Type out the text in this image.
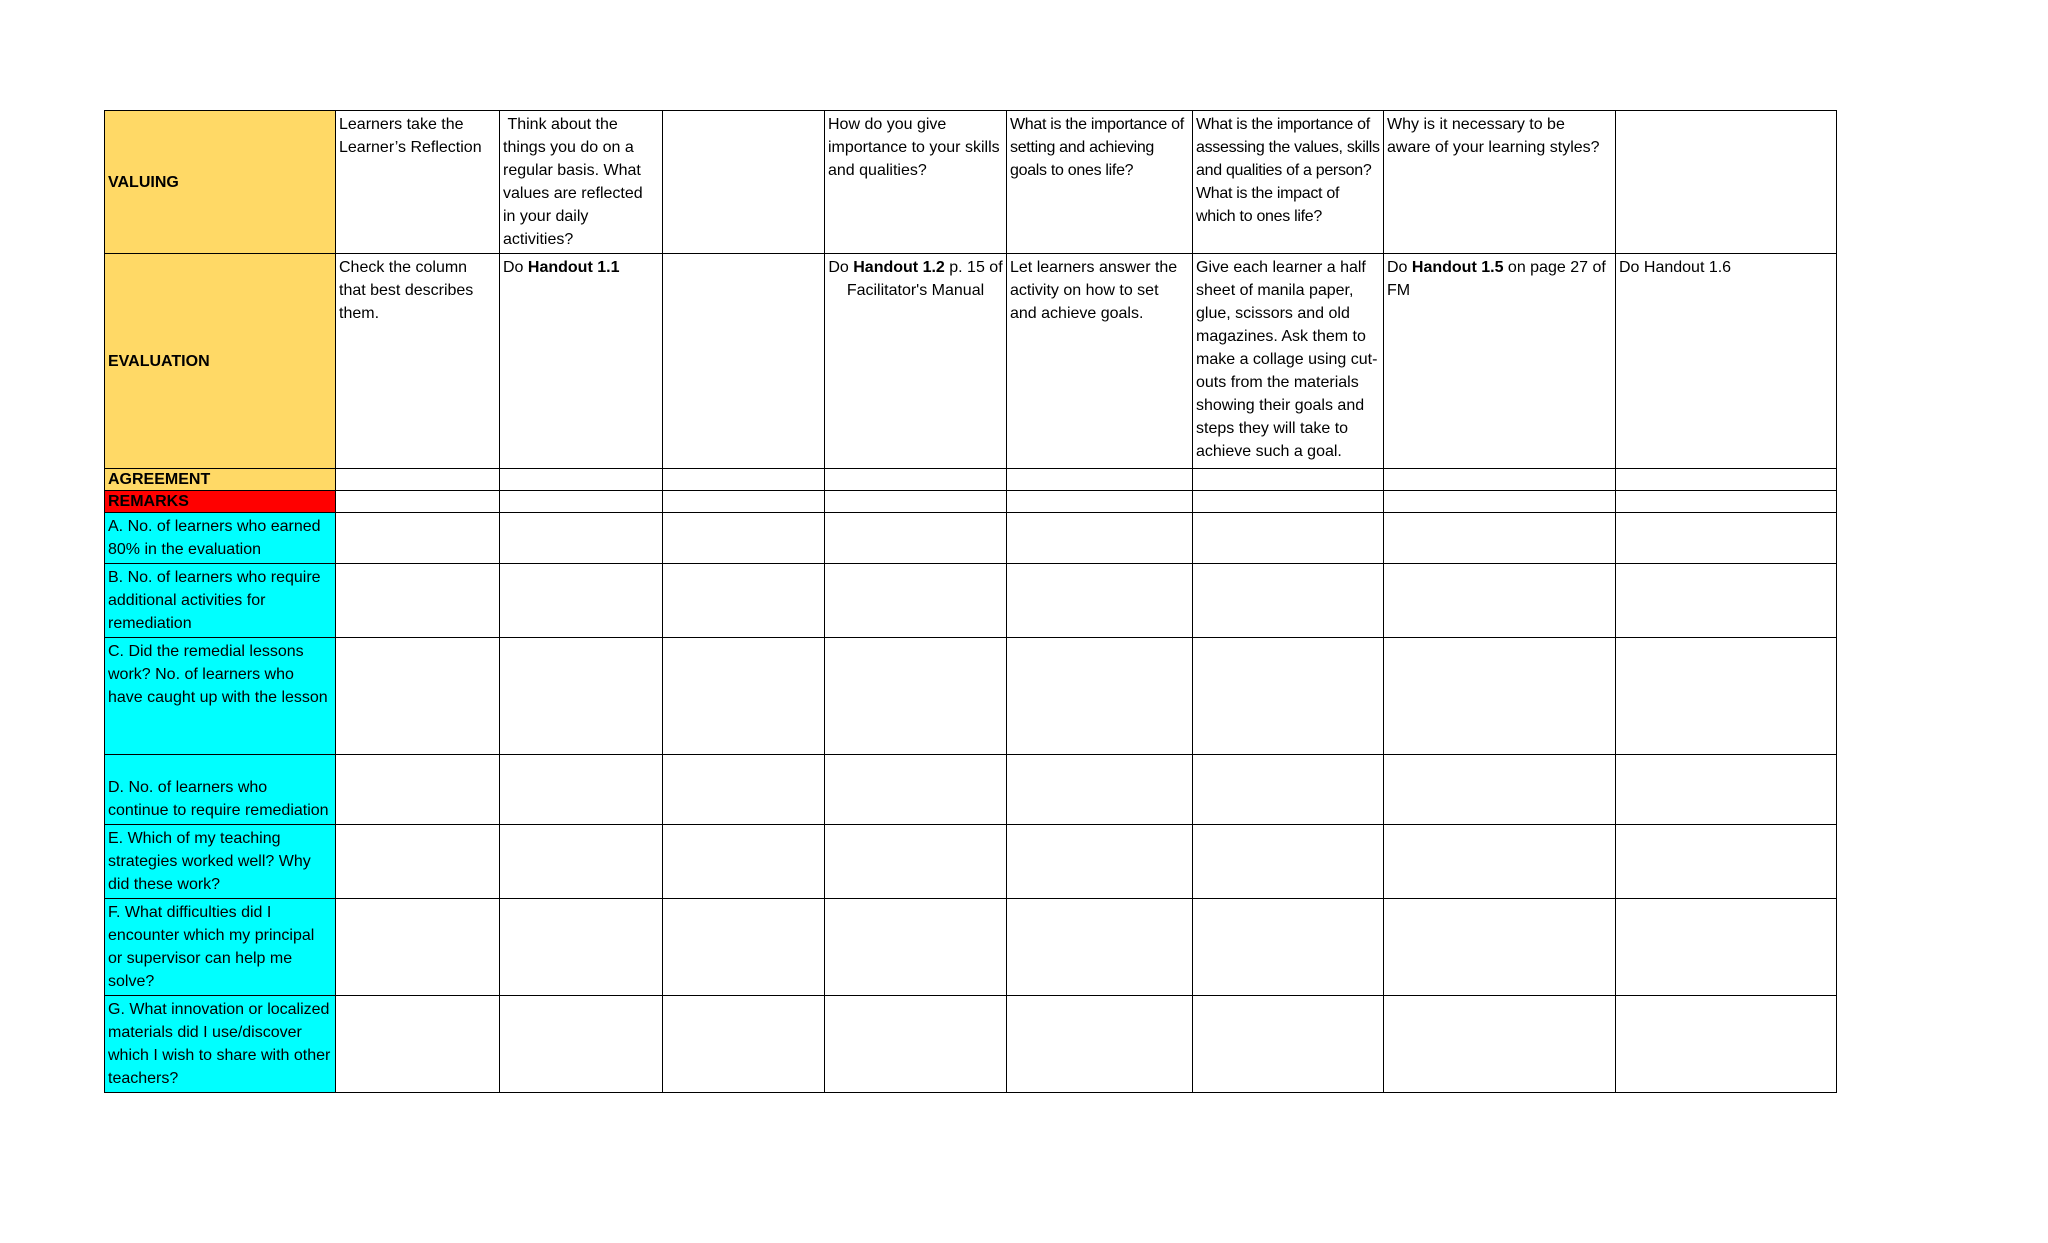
VALUING	Learners take the Learner’s Reflection	Think about the things you do on a regular basis. What values are reflected in your daily activities?		How do you give importance to your skills and qualities?	What is the importance of setting and achieving goals to ones life?	What is the importance of assessing the values, skills and qualities of a person? What is the impact of which to ones life?	Why is it necessary to be aware of your learning styles?	
EVALUATION	Check the column that best describes them.	Do Handout 1.1		Do Handout 1.2 p. 15 of Facilitator's Manual	Let learners answer the activity on how to set and achieve goals.	Give each learner a half sheet of manila paper, glue, scissors and old magazines. Ask them to make a collage using cut-outs from the materials showing their goals and steps they will take to achieve such a goal.	Do Handout 1.5 on page 27 of FM	Do Handout 1.6
AGREEMENT								
REMARKS								
A. No. of learners who earned 80% in the evaluation								
B. No. of learners who require additional activities for remediation								
C. Did the remedial lessons work? No. of learners who have caught up with the lesson								
D. No. of learners who continue to require remediation								
E. Which of my teaching strategies worked well? Why did these work?								
F. What difficulties did I encounter which my principal or supervisor can help me solve?								
G. What innovation or localized materials did I use/discover which I wish to share with other teachers?								
